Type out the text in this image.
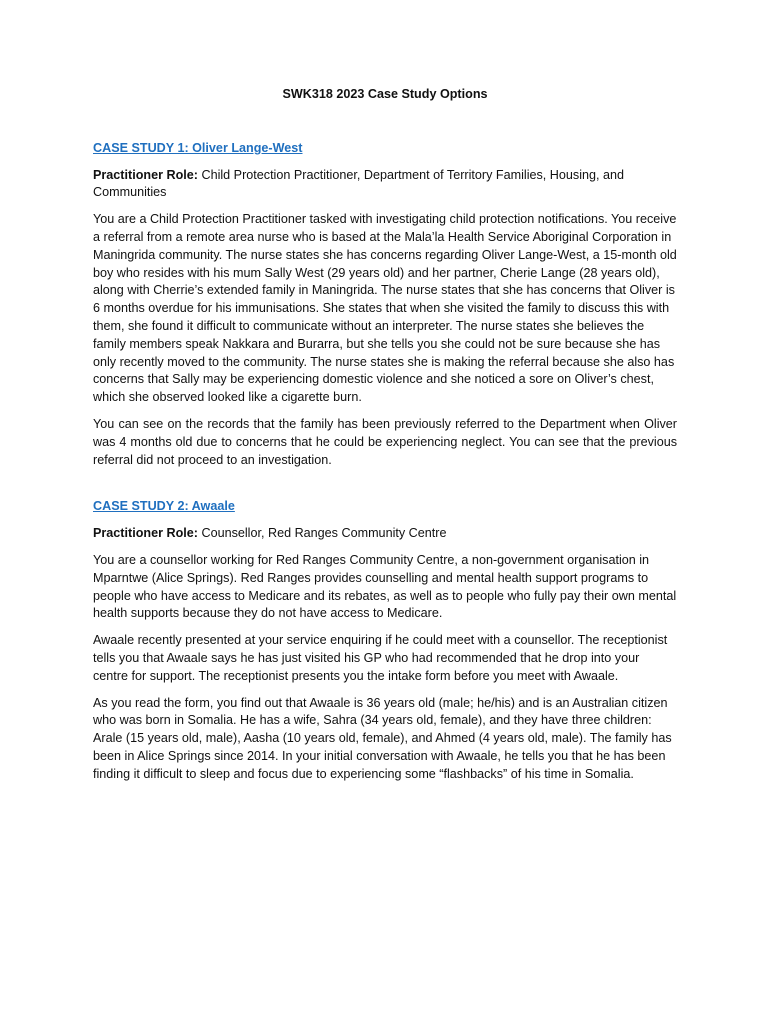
SWK318 2023 Case Study Options
CASE STUDY 1: Oliver Lange-West

Practitioner Role: Child Protection Practitioner, Department of Territory Families, Housing, and Communities

You are a Child Protection Practitioner tasked with investigating child protection notifications. You receive a referral from a remote area nurse who is based at the Mala’la Health Service Aboriginal Corporation in Maningrida community. The nurse states she has concerns regarding Oliver Lange-West, a 15-month old boy who resides with his mum Sally West (29 years old) and her partner, Cherie Lange (28 years old), along with Cherrie’s extended family in Maningrida. The nurse states that she has concerns that Oliver is 6 months overdue for his immunisations. She states that when she visited the family to discuss this with them, she found it difficult to communicate without an interpreter. The nurse states she believes the family members speak Nakkara and Burarra, but she tells you she could not be sure because she has only recently moved to the community. The nurse states she is making the referral because she also has concerns that Sally may be experiencing domestic violence and she noticed a sore on Oliver’s chest, which she observed looked like a cigarette burn.

You can see on the records that the family has been previously referred to the Department when Oliver was 4 months old due to concerns that he could be experiencing neglect. You can see that the previous referral did not proceed to an investigation.

CASE STUDY 2: Awaale

Practitioner Role: Counsellor, Red Ranges Community Centre

You are a counsellor working for Red Ranges Community Centre, a non-government organisation in Mparntwe (Alice Springs). Red Ranges provides counselling and mental health support programs to people who have access to Medicare and its rebates, as well as to people who fully pay their own mental health supports because they do not have access to Medicare.

Awaale recently presented at your service enquiring if he could meet with a counsellor. The receptionist tells you that Awaale says he has just visited his GP who had recommended that he drop into your centre for support. The receptionist presents you the intake form before you meet with Awaale.

As you read the form, you find out that Awaale is 36 years old (male; he/his) and is an Australian citizen who was born in Somalia. He has a wife, Sahra (34 years old, female), and they have three children: Arale (15 years old, male), Aasha (10 years old, female), and Ahmed (4 years old, male). The family has been in Alice Springs since 2014. In your initial conversation with Awaale, he tells you that he has been finding it difficult to sleep and focus due to experiencing some “flashbacks” of his time in Somalia.
